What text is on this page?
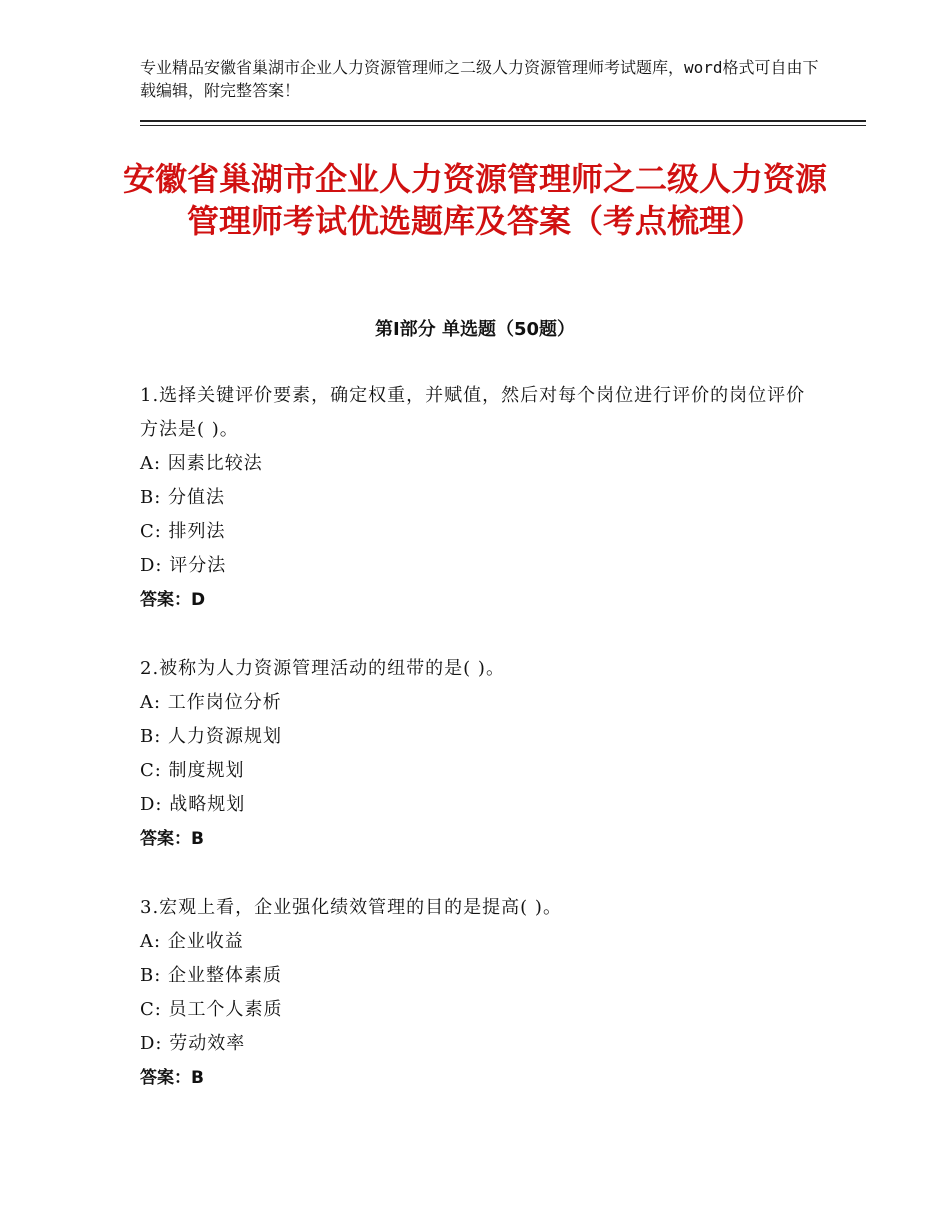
专业精品安徽省巢湖市企业人力资源管理师之二级人力资源管理师考试题库，word格式可自由下载编辑，附完整答案！
安徽省巢湖市企业人力资源管理师之二级人力资源管理师考试优选题库及答案（考点梳理）
第Ⅰ部分 单选题（50题）
1.选择关键评价要素，确定权重，并赋值，然后对每个岗位进行评价的岗位评价方法是( )。
A: 因素比较法
B: 分值法
C: 排列法
D: 评分法
答案：D
2.被称为人力资源管理活动的纽带的是( )。
A: 工作岗位分析
B: 人力资源规划
C: 制度规划
D: 战略规划
答案：B
3.宏观上看，企业强化绩效管理的目的是提高( )。
A: 企业收益
B: 企业整体素质
C: 员工个人素质
D: 劳动效率
答案：B
